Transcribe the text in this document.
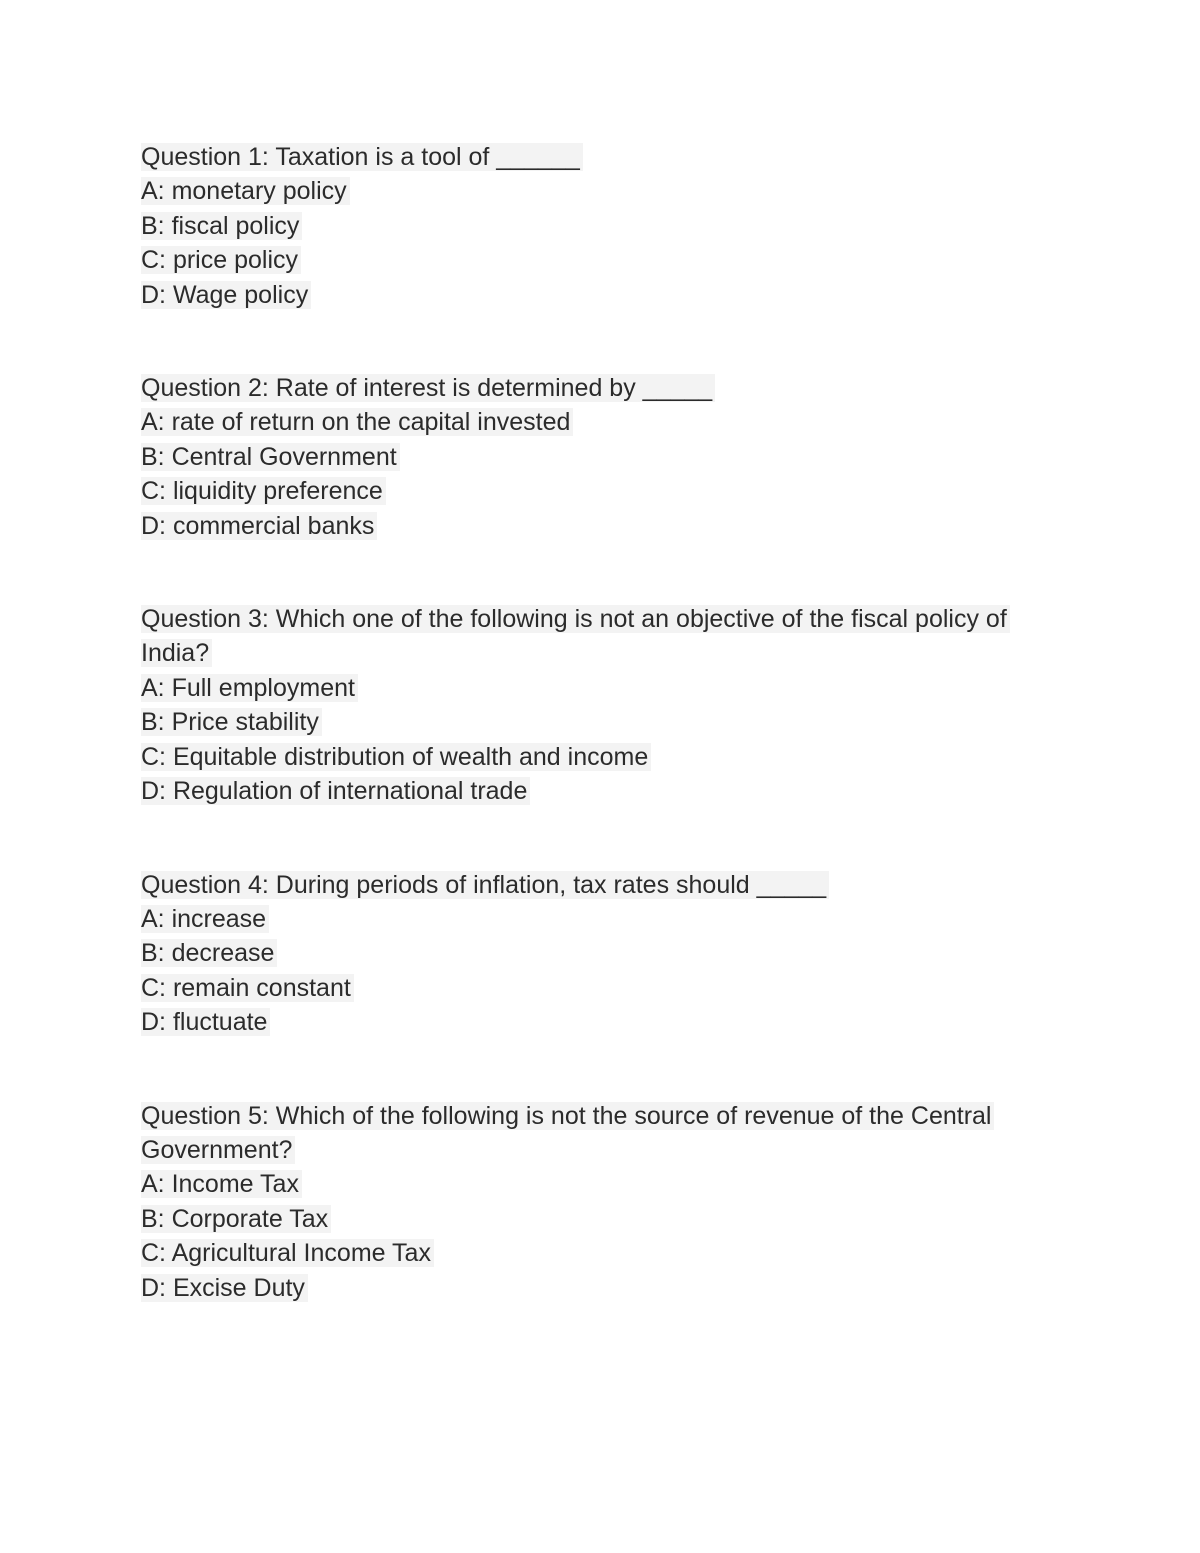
Question 1: Taxation is a tool of ______
A: monetary policy
B: fiscal policy
C: price policy
D: Wage policy
Question 2: Rate of interest is determined by _____
A: rate of return on the capital invested
B: Central Government
C: liquidity preference
D: commercial banks
Question 3: Which one of the following is not an objective of the fiscal policy of India?
A: Full employment
B: Price stability
C: Equitable distribution of wealth and income
D: Regulation of international trade
Question 4: During periods of inflation, tax rates should _____
A: increase
B: decrease
C: remain constant
D: fluctuate
Question 5: Which of the following is not the source of revenue of the Central Government?
A: Income Tax
B: Corporate Tax
C: Agricultural Income Tax
D: Excise Duty
